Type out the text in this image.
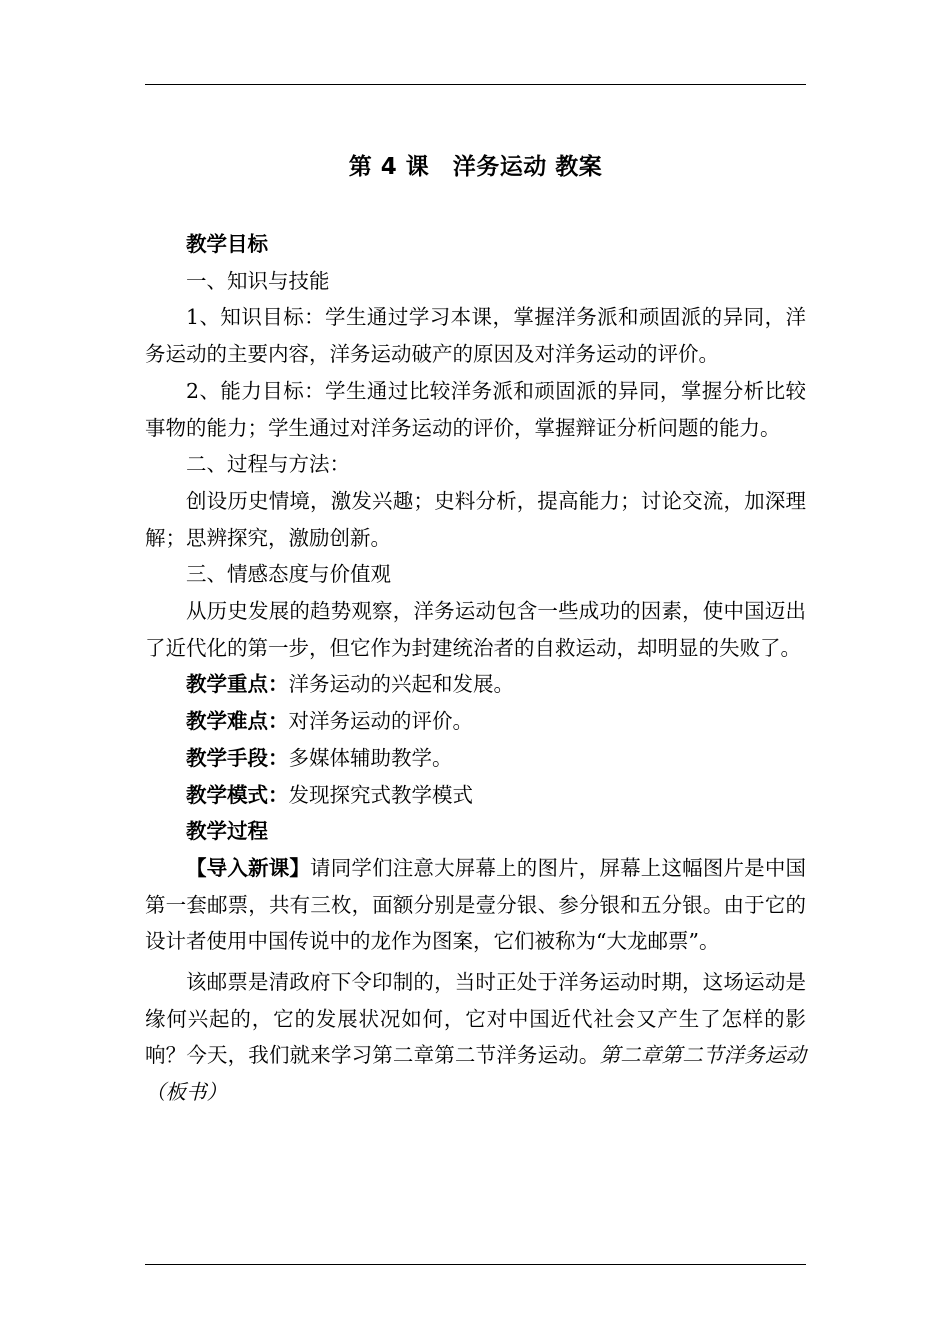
第 4 课　洋务运动 教案

教学目标

一、知识与技能

1、知识目标：学生通过学习本课，掌握洋务派和顽固派的异同，洋务运动的主要内容，洋务运动破产的原因及对洋务运动的评价。

2、能力目标：学生通过比较洋务派和顽固派的异同，掌握分析比较事物的能力；学生通过对洋务运动的评价，掌握辩证分析问题的能力。

二、过程与方法：

创设历史情境，激发兴趣；史料分析，提高能力；讨论交流，加深理解；思辨探究，激励创新。

三、情感态度与价值观

从历史发展的趋势观察，洋务运动包含一些成功的因素，使中国迈出了近代化的第一步，但它作为封建统治者的自救运动，却明显的失败了。

教学重点：洋务运动的兴起和发展。

教学难点：对洋务运动的评价。

教学手段：多媒体辅助教学。

教学模式：发现探究式教学模式

教学过程

【导入新课】请同学们注意大屏幕上的图片，屏幕上这幅图片是中国第一套邮票，共有三枚，面额分别是壹分银、参分银和五分银。由于它的设计者使用中国传说中的龙作为图案，它们被称为“大龙邮票”。

该邮票是清政府下令印制的，当时正处于洋务运动时期，这场运动是缘何兴起的，它的发展状况如何，它对中国近代社会又产生了怎样的影响？今天，我们就来学习第二章第二节洋务运动。第二章第二节洋务运动（板书）
